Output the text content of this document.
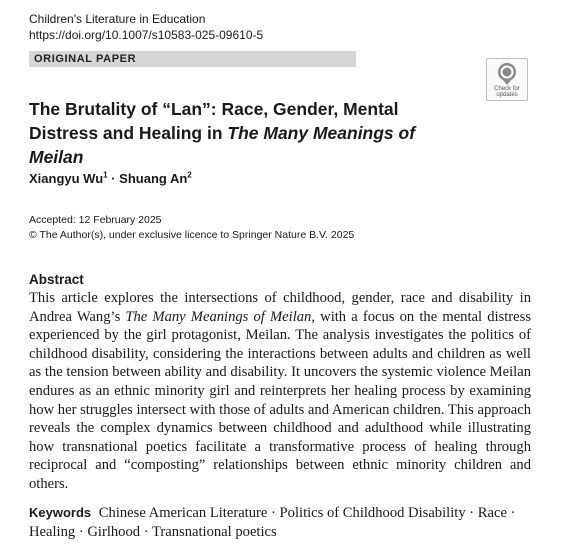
Children's Literature in Education
https://doi.org/10.1007/s10583-025-09610-5
ORIGINAL PAPER
Check for
updates
The Brutality of “Lan”: Race, Gender, Mental Distress and Healing in The Many Meanings of Meilan
Xiangyu $Wu^1$ · Shuang An$^2$
Accepted: 12 February 2025
© The Author(s), under exclusive licence to Springer Nature B.V. 2025
Abstract

This article explores the intersections of childhood, gender, race and disability in Andrea Wang’s The Many Meanings of Meilan, with a focus on the mental distress experienced by the girl protagonist, Meilan. The analysis investigates the politics of childhood disability, considering the interactions between adults and children as well as the tension between ability and disability. It uncovers the systemic violence Meilan endures as an ethnic minority girl and reinterprets her healing process by examining how her struggles intersect with those of adults and American children. This approach reveals the complex dynamics between childhood and adulthood while illustrating how transnational poetics facilitate a transformative process of healing through reciprocal and “composting” relationships between ethnic minority children and others.

Keywords Chinese American Literature · Politics of Childhood Disability · Race · Healing · Girlhood · Transnational poetics
